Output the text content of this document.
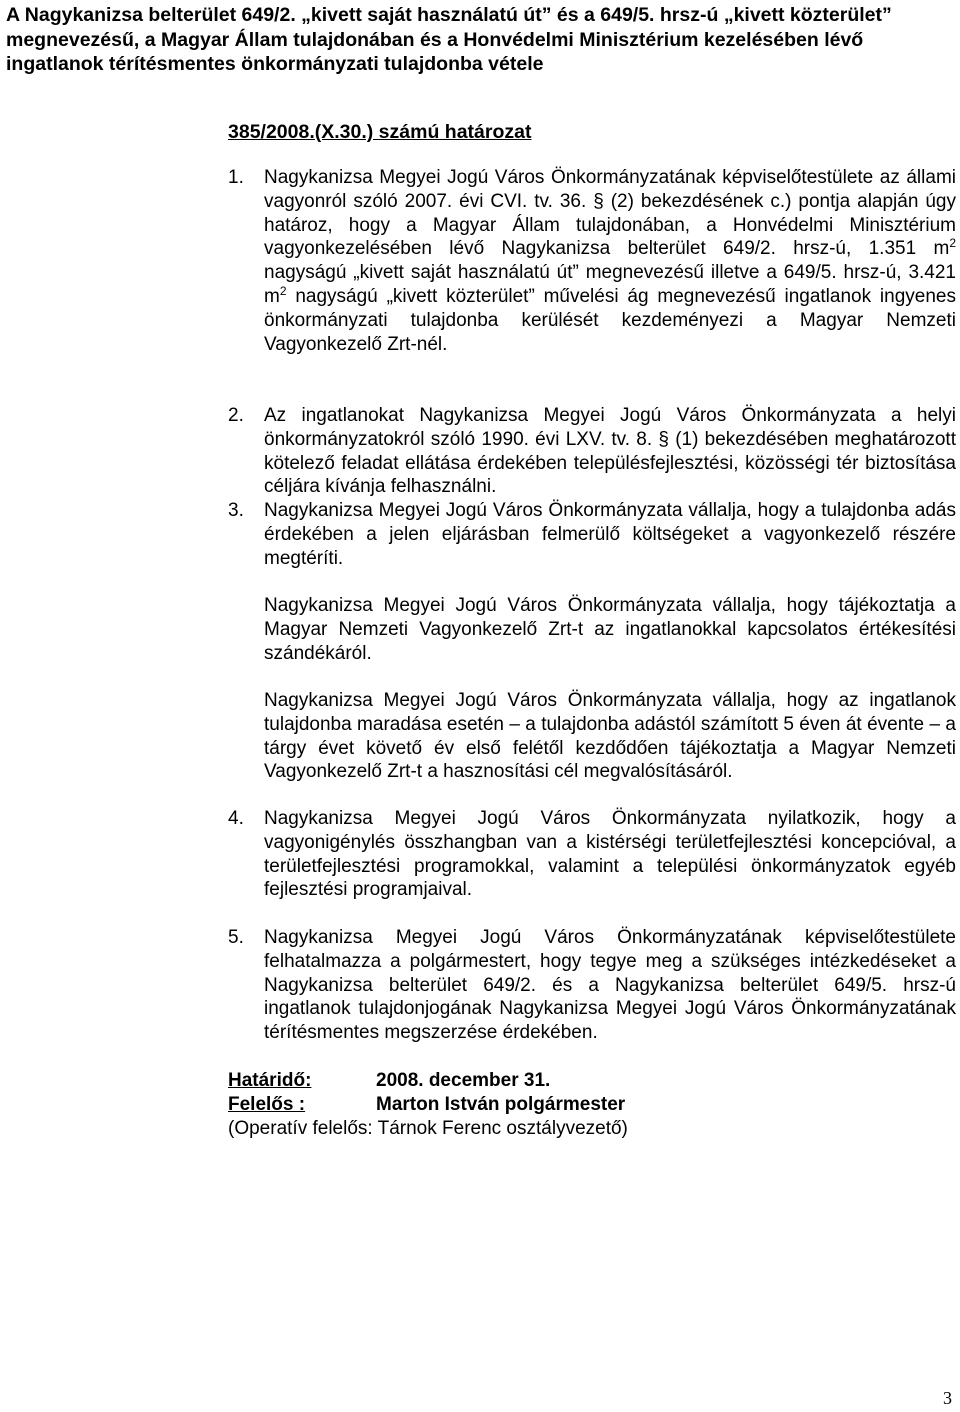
A Nagykanizsa belterület 649/2. „kivett saját használatú út” és a 649/5. hrsz-ú „kivett közterület” megnevezésű, a Magyar Állam tulajdonában és a Honvédelmi Minisztérium kezelésében lévő ingatlanok térítésmentes önkormányzati tulajdonba vétele

385/2008.(X.30.) számú határozat

1. Nagykanizsa Megyei Jogú Város Önkormányzatának képviselőtestülete az állami vagyonról szóló 2007. évi CVI. tv. 36. § (2) bekezdésének c.) pontja alapján úgy határoz, hogy a Magyar Állam tulajdonában, a Honvédelmi Minisztérium vagyonkezelésében lévő Nagykanizsa belterület 649/2. hrsz-ú, 1.351 $m^2$ nagyságú „kivett saját használatú út” megnevezésű illetve a 649/5. hrsz-ú, 3.421 $m^2$ nagyságú „kivett közterület” művelési ág megnevezésű ingatlanok ingyenes önkormányzati tulajdonba kerülését kezdeményezi a Magyar Nemzeti Vagyonkezelő Zrt-nél.

2. Az ingatlanokat Nagykanizsa Megyei Jogú Város Önkormányzata a helyi önkormányzatokról szóló 1990. évi LXV. tv. 8. § (1) bekezdésében meghatározott kötelező feladat ellátása érdekében településfejlesztési, közösségi tér biztosítása céljára kívánja felhasználni.

3. Nagykanizsa Megyei Jogú Város Önkormányzata vállalja, hogy a tulajdonba adás érdekében a jelen eljárásban felmerülő költségeket a vagyonkezelő részére megtéríti.

Nagykanizsa Megyei Jogú Város Önkormányzata vállalja, hogy tájékoztatja a Magyar Nemzeti Vagyonkezelő Zrt-t az ingatlanokkal kapcsolatos értékesítési szándékáról.

Nagykanizsa Megyei Jogú Város Önkormányzata vállalja, hogy az ingatlanok tulajdonba maradása esetén – a tulajdonba adástól számított 5 éven át évente – a tárgy évet követő év első felétől kezdődően tájékoztatja a Magyar Nemzeti Vagyonkezelő Zrt-t a hasznosítási cél megvalósításáról.

4. Nagykanizsa Megyei Jogú Város Önkormányzata nyilatkozik, hogy a vagyonigénylés összhangban van a kistérségi területfejlesztési koncepcióval, a területfejlesztési programokkal, valamint a települési önkormányzatok egyéb fejlesztési programjaival.

5. Nagykanizsa Megyei Jogú Város Önkormányzatának képviselőtestülete felhatalmazza a polgármestert, hogy tegye meg a szükséges intézkedéseket a Nagykanizsa belterület 649/2. és a Nagykanizsa belterület 649/5. hrsz-ú ingatlanok tulajdonjogának Nagykanizsa Megyei Jogú Város Önkormányzatának térítésmentes megszerzése érdekében.

Határidő:	2008. december 31.
Felelős :	Marton István polgármester
(Operatív felelős: Tárnok Ferenc osztályvezető)
3
